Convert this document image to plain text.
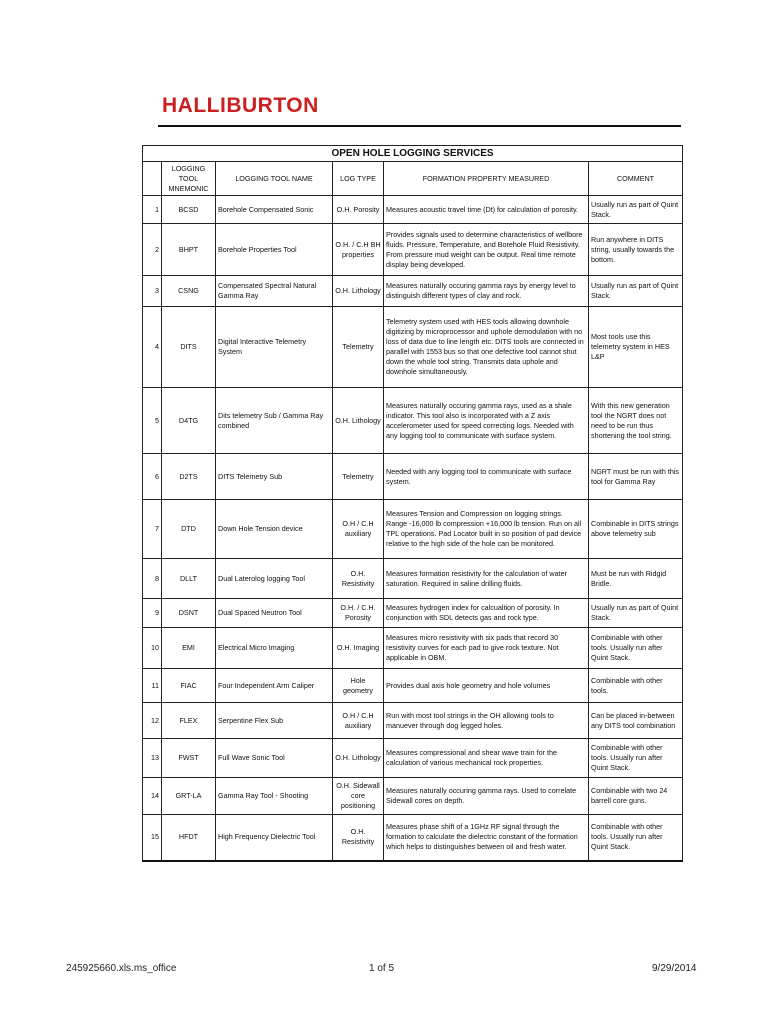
HALLIBURTON
OPEN HOLE LOGGING SERVICES					
	LOGGING TOOL MNEMONIC	LOGGING TOOL NAME	LOG TYPE	FORMATION PROPERTY MEASURED	COMMENT
1	BCSD	Borehole Compensated Sonic	O.H. Porosity	Measures acoustic travel time (Dt) for calculation of porosity.	Usually run as part of Quint Stack.
2	BHPT	Borehole Properties Tool	O.H. / C.H BH properties	Provides signals used to determine characteristics of wellbore fluids. Pressure, Temperature, and Borehole Fluid Resistivity. From pressure mud weight can be output. Real time remote display being developed.	Run anywhere in DITS string, usually towards the bottom.
3	CSNG	Compensated Spectral Natural Gamma Ray	O.H. Lithology	Measures naturally occuring gamma rays by energy level to distinguish different types of clay and rock.	Usually run as part of Quint Stack.
4	DITS	Digital Interactive Telemetry System	Telemetry	Telemetry system used with HES tools allowing downhole digitizing by microprocessor and uphole demodulation with no loss of data due to line length etc. DITS tools are connected in parallel with 1553 bus so that one defective tool cannot shut down the whole tool string. Transmits data uphole and downhole simultaneously.	Most tools use this telemetry system in HES L&P
5	D4TG	Dits telemetry Sub / Gamma Ray combined	O.H. Lithology	Measures naturally occuring gamma rays, used as a shale indicator. This tool also is incorporated with a Z axis accelerometer used for speed correcting logs. Needed with any logging tool to communicate with surface system.	With this new generation tool the NGRT does not need to be run thus shortening the tool string.
6	D2TS	DITS Telemetry Sub	Telemetry	Needed with any logging tool to communicate with surface system.	NGRT must be run with this tool for Gamma Ray
7	DTD	Down Hole Tension device	O.H / C.H auxiliary	Measures Tension and Compression on logging strings. Range -16,000 lb compression +16,000 lb tension. Run on all TPL operations. Pad Locator built in so position of pad device relative to the high side of the hole can be monitored.	Combinable in DITS strings above telemetry sub
8	DLLT	Dual Laterolog logging Tool	O.H. Resistivity	Measures formation resistivity for the calculation of water saturation. Required in saline drilling fluids.	Must be run with Ridgid Bridle.
9	DSNT	Dual Spaced Neutron Tool	O.H. / C.H. Porosity	Measures hydrogen index for calcualtion of porosity. In conjunction with SDL detects gas and rock type.	Usually run as part of Quint Stack.
10	EMI	Electrical Micro Imaging	O.H. Imaging	Measures micro resistivity with six pads that record 30 resistivity curves for each pad to give rock texture. Not applicable in OBM.	Combinable with other tools. Usually run after Quint Stack.
11	FIAC	Four Independent Arm Caliper	Hole geometry	Provides dual axis hole geometry and hole volumes	Combinable with other tools.
12	FLEX	Serpentine Flex Sub	O.H / C.H auxiliary	Run with most tool strings in the OH allowing tools to manuever through dog legged holes.	Can be placed in-between any DITS tool combination
13	FWST	Full Wave Sonic Tool	O.H. Lithology	Measures compressional and shear wave train for the calculation of various mechanical rock properties.	Combinable with other tools. Usually run after Quint Stack.
14	GRT-LA	Gamma Ray Tool - Shooting	O.H. Sidewall core positioning	Measures naturally occuring gamma rays. Used to correlate Sidewall cores on depth.	Combinable with two 24 barrell core guns.
15	HFDT	High Frequency Dielectric Tool	O.H. Resistivity	Measures phase shift of a 1GHz RF signal through the formation to calculate the dielectric constant of the formation which helps to distinguishes between oil and fresh water.	Combinable with other tools. Usually run after Quint Stack.
245925660.xls.ms_office	1 of 5	9/29/2014
